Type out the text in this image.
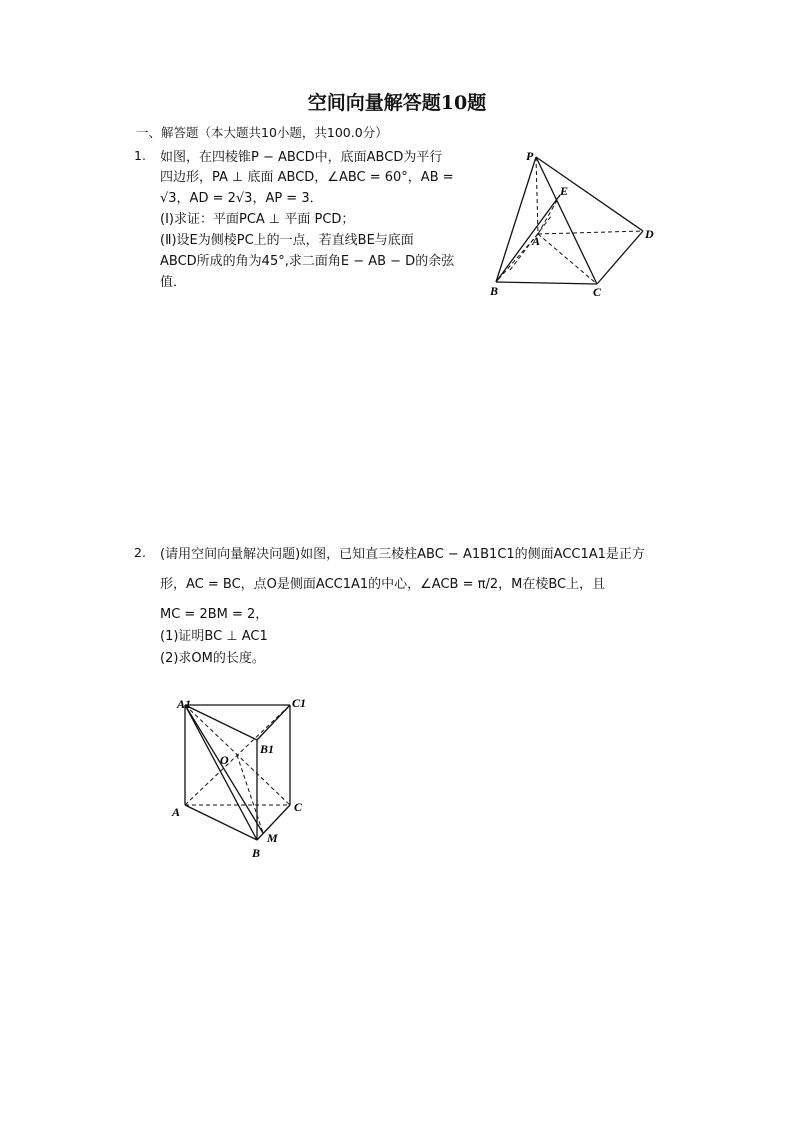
空间向量解答题10题
一、解答题（本大题共10小题，共100.0分）
1. 如图，在四棱锥P − ABCD中，底面ABCD为平行
四边形，PA ⊥ 底面 ABCD，∠ABC = 60°，AB =
√3，AD = 2√3，AP = 3．
(Ⅰ)求证：平面PCA ⊥ 平面 PCD；
(Ⅱ)设E为侧棱PC上的一点，若直线BE与底面
ABCD所成的角为45°,求二面角E − AB − D的余弦
值．
P
E
A	D
B	C
2. (请用空间向量解决问题)如图，已知直三棱柱ABC − A1B1C1的侧面ACC1A1是正方
形，AC = BC，点O是侧面ACC1A1的中心，∠ACB = π/2，M在棱BC上，且
MC = 2BM = 2，
(1)证明BC ⊥ AC1
(2)求OM的长度。
A1	C1
B1
O
A	C
M
B
